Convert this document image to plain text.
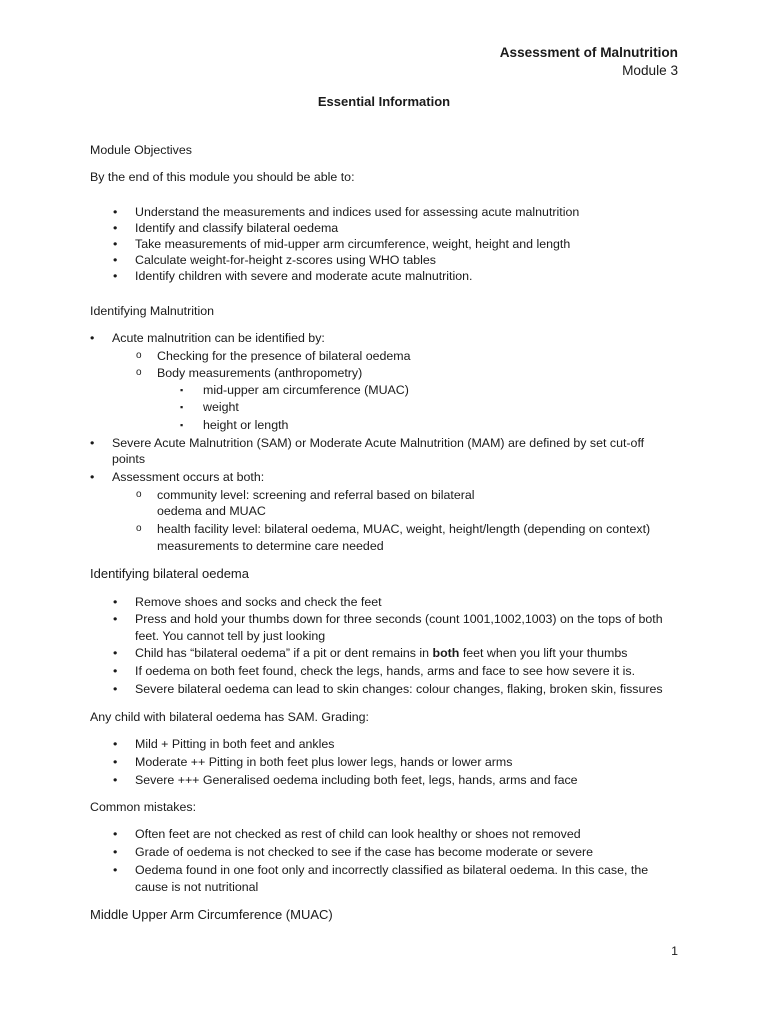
Assessment of Malnutrition
Module 3
Essential Information
Module Objectives
By the end of this module you should be able to:
• Understand the measurements and indices used for assessing acute malnutrition
• Identify and classify bilateral oedema
• Take measurements of mid-upper arm circumference, weight, height and length
• Calculate weight-for-height z-scores using WHO tables
• Identify children with severe and moderate acute malnutrition.
Identifying Malnutrition
• Acute malnutrition can be identified by:
o Checking for the presence of bilateral oedema
o Body measurements (anthropometry)
▪ mid-upper am circumference (MUAC)
▪ weight
▪ height or length
• Severe Acute Malnutrition (SAM) or Moderate Acute Malnutrition (MAM) are defined by set cut-off
points
• Assessment occurs at both:
o community level: screening and referral based on bilateral
oedema and MUAC
o health facility level: bilateral oedema, MUAC, weight, height/length (depending on context)
measurements to determine care needed
Identifying bilateral oedema
• Remove shoes and socks and check the feet
• Press and hold your thumbs down for three seconds (count 1001,1002,1003) on the tops of both
feet. You cannot tell by just looking
• Child has “bilateral oedema” if a pit or dent remains in both feet when you lift your thumbs
• If oedema on both feet found, check the legs, hands, arms and face to see how severe it is.
• Severe bilateral oedema can lead to skin changes: colour changes, flaking, broken skin, fissures
Any child with bilateral oedema has SAM. Grading:
• Mild + Pitting in both feet and ankles
• Moderate ++ Pitting in both feet plus lower legs, hands or lower arms
• Severe +++ Generalised oedema including both feet, legs, hands, arms and face
Common mistakes:
• Often feet are not checked as rest of child can look healthy or shoes not removed
• Grade of oedema is not checked to see if the case has become moderate or severe
• Oedema found in one foot only and incorrectly classified as bilateral oedema. In this case, the
cause is not nutritional
Middle Upper Arm Circumference (MUAC)
1
